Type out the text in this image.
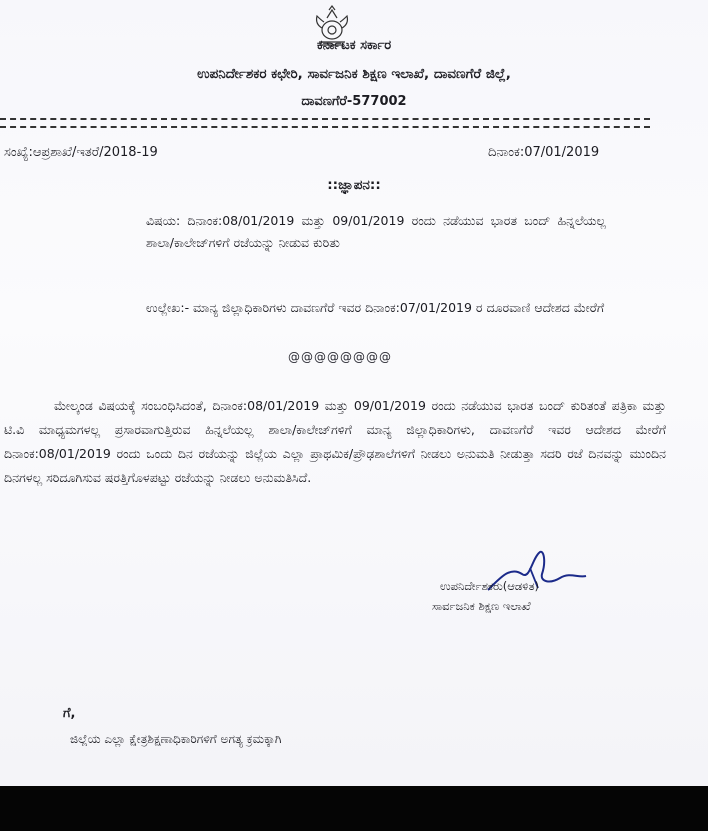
ಕರ್ನಾಟಕ ಸರ್ಕಾರ
ಉಪನಿರ್ದೇಶಕರ ಕಛೇರಿ, ಸಾರ್ವಜನಿಕ ಶಿಕ್ಷಣ ಇಲಾಖೆ, ದಾವಣಗೆರೆ ಜಿಲ್ಲೆ,
ದಾವಣಗೆರೆ-577002
ಸಂಖ್ಯೆ:ಆಪ್ರಶಾಖೆ/ಇತರೆ/2018-19	ದಿನಾಂಕ:07/01/2019
::ಜ್ಞಾಪನ::
ವಿಷಯ: ದಿನಾಂಕ:08/01/2019 ಮತ್ತು 09/01/2019 ರಂದು ನಡೆಯುವ ಭಾರತ ಬಂದ್ ಹಿನ್ನಲೆಯಲ್ಲ ಶಾಲಾ/ಕಾಲೇಜ್‌ಗಳಿಗೆ ರಜೆಯನ್ನು ನೀಡುವ ಕುರಿತು
ಉಲ್ಲೇಖ:- ಮಾನ್ಯ ಜಿಲ್ಲಾಧಿಕಾರಿಗಳು ದಾವಣಗೆರೆ ಇವರ ದಿನಾಂಕ:07/01/2019 ರ ದೂರವಾಣಿ ಆದೇಶದ ಮೇರೆಗೆ
@@@@@@@@
ಮೇಲ್ಕಂಡ ವಿಷಯಕ್ಕೆ ಸಂಬಂಧಿಸಿದಂತೆ, ದಿನಾಂಕ:08/01/2019 ಮತ್ತು 09/01/2019 ರಂದು ನಡೆಯುವ ಭಾರತ ಬಂದ್ ಕುರಿತಂತೆ ಪತ್ರಿಕಾ ಮತ್ತು ಟಿ.ವಿ ಮಾಧ್ಯಮಗಳಲ್ಲ ಪ್ರಸಾರವಾಗುತ್ತಿರುವ ಹಿನ್ನಲೆಯಲ್ಲ ಶಾಲಾ/ಕಾಲೇಜ್‌ಗಳಿಗೆ ಮಾನ್ಯ ಜಿಲ್ಲಾಧಿಕಾರಿಗಳು, ದಾವಣಗೆರೆ ಇವರ ಆದೇಶದ ಮೇರೆಗೆ ದಿನಾಂಕ:08/01/2019 ರಂದು ಒಂದು ದಿನ ರಜೆಯನ್ನು ಜಿಲ್ಲೆಯ ಎಲ್ಲಾ ಪ್ರಾಥಮಿಕ/ಪ್ರೌಢಶಾಲೆಗಳಿಗೆ ನೀಡಲು ಅನುಮತಿ ನೀಡುತ್ತಾ ಸದರಿ ರಜೆ ದಿನವನ್ನು ಮುಂದಿನ ದಿನಗಳಲ್ಲ ಸರಿದೂಗಿಸುವ ಷರತ್ತಿಗೊಳಪಟ್ಟು ರಜೆಯನ್ನು ನೀಡಲು ಅನುಮತಿಸಿದೆ.
ಉಪನಿರ್ದೇಶಕರು(ಆಡಳಿತ)
ಸಾರ್ವಜನಿಕ ಶಿಕ್ಷಣ ಇಲಾಖೆ
ಗೆ,
ಜಿಲ್ಲೆಯ ಎಲ್ಲಾ ಕ್ಷೇತ್ರಶಿಕ್ಷಣಾಧಿಕಾರಿಗಳಿಗೆ ಅಗತ್ಯ ಕ್ರಮಕ್ಕಾಗಿ
